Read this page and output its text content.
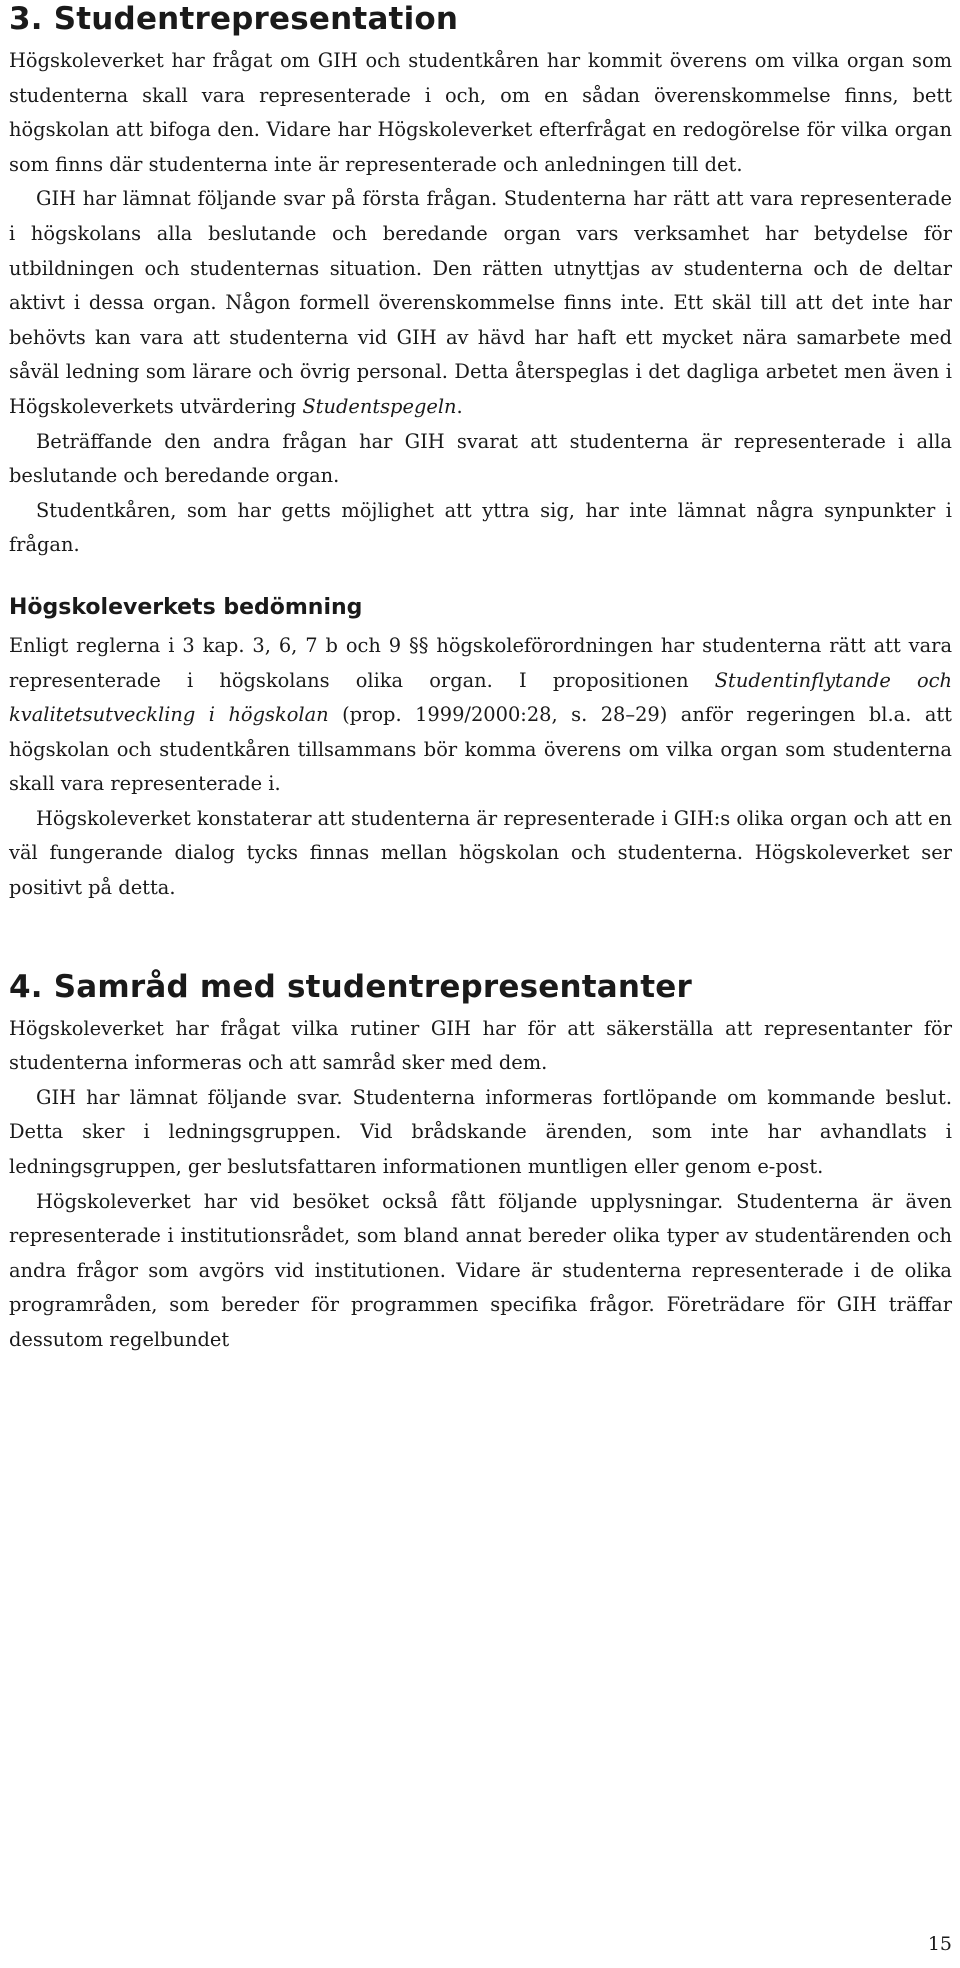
3. Studentrepresentation

Högskoleverket har frågat om GIH och studentkåren har kommit överens om vilka organ som studenterna skall vara representerade i och, om en sådan överenskommelse finns, bett högskolan att bifoga den. Vidare har Högskoleverket efterfrågat en redogörelse för vilka organ som finns där studenterna inte är representerade och anledningen till det.

GIH har lämnat följande svar på första frågan. Studenterna har rätt att vara representerade i högskolans alla beslutande och beredande organ vars verksamhet har betydelse för utbildningen och studenternas situation. Den rätten utnyttjas av studenterna och de deltar aktivt i dessa organ. Någon formell överenskommelse finns inte. Ett skäl till att det inte har behövts kan vara att studenterna vid GIH av hävd har haft ett mycket nära samarbete med såväl ledning som lärare och övrig personal. Detta återspeglas i det dagliga arbetet men även i Högskoleverkets utvärdering Studentspegeln.

Beträffande den andra frågan har GIH svarat att studenterna är representerade i alla beslutande och beredande organ.

Studentkåren, som har getts möjlighet att yttra sig, har inte lämnat några synpunkter i frågan.

Högskoleverkets bedömning

Enligt reglerna i 3 kap. 3, 6, 7 b och 9 §§ högskoleförordningen har studenterna rätt att vara representerade i högskolans olika organ. I propositionen Studentinflytande och kvalitetsutveckling i högskolan (prop. 1999/2000:28, s. 28–29) anför regeringen bl.a. att högskolan och studentkåren tillsammans bör komma överens om vilka organ som studenterna skall vara representerade i.

Högskoleverket konstaterar att studenterna är representerade i GIH:s olika organ och att en väl fungerande dialog tycks finnas mellan högskolan och studenterna. Högskoleverket ser positivt på detta.

4. Samråd med studentrepresentanter

Högskoleverket har frågat vilka rutiner GIH har för att säkerställa att representanter för studenterna informeras och att samråd sker med dem.

GIH har lämnat följande svar. Studenterna informeras fortlöpande om kommande beslut. Detta sker i ledningsgruppen. Vid brådskande ärenden, som inte har avhandlats i ledningsgruppen, ger beslutsfattaren informationen muntligen eller genom e-post.

Högskoleverket har vid besöket också fått följande upplysningar. Studenterna är även representerade i institutionsrådet, som bland annat bereder olika typer av studentärenden och andra frågor som avgörs vid institutionen. Vidare är studenterna representerade i de olika programråden, som bereder för programmen specifika frågor. Företrädare för GIH träffar dessutom regelbundet

15
